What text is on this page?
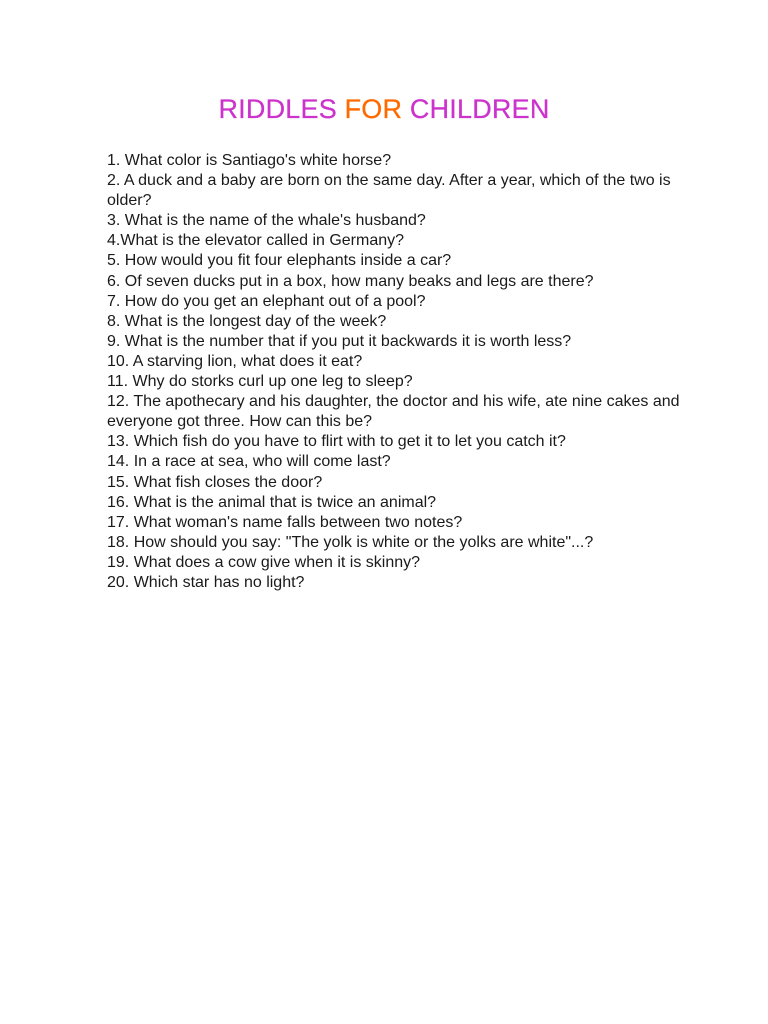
RIDDLES FOR CHILDREN
1. What color is Santiago's white horse?
2. A duck and a baby are born on the same day. After a year, which of the two is older?
3. What is the name of the whale's husband?
4.What is the elevator called in Germany?
5. How would you fit four elephants inside a car?
6. Of seven ducks put in a box, how many beaks and legs are there?
7. How do you get an elephant out of a pool?
8. What is the longest day of the week?
9. What is the number that if you put it backwards it is worth less?
10. A starving lion, what does it eat?
11. Why do storks curl up one leg to sleep?
12. The apothecary and his daughter, the doctor and his wife, ate nine cakes and everyone got three. How can this be?
13. Which fish do you have to flirt with to get it to let you catch it?
14. In a race at sea, who will come last?
15. What fish closes the door?
16. What is the animal that is twice an animal?
17. What woman's name falls between two notes?
18. How should you say: "The yolk is white or the yolks are white"...?
19. What does a cow give when it is skinny?
20. Which star has no light?
